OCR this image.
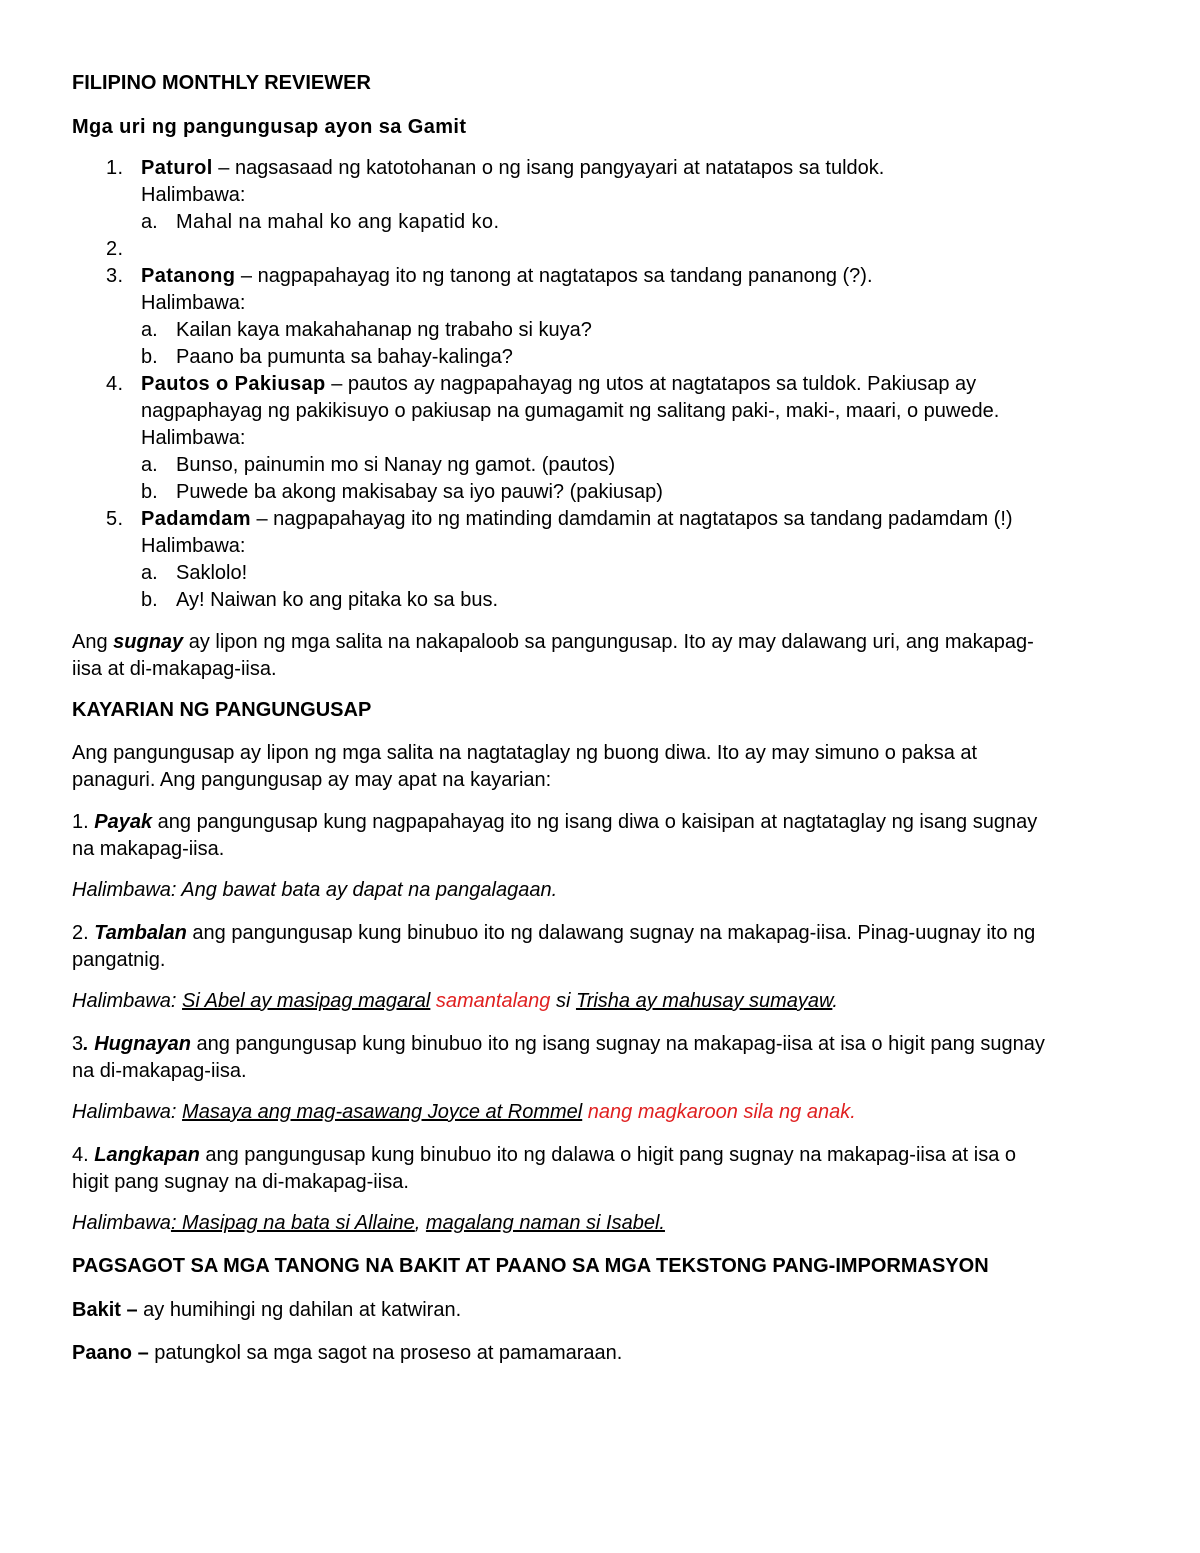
FILIPINO MONTHLY REVIEWER
Mga uri ng pangungusap ayon sa Gamit
1. Paturol – nagsasaad ng katotohanan o ng isang pangyayari at natatapos sa tuldok.
Halimbawa:
a. Mahal na mahal ko ang kapatid ko.
2.
3. Patanong – nagpapahayag ito ng tanong at nagtatapos sa tandang pananong (?).
Halimbawa:
a. Kailan kaya makahahanap ng trabaho si kuya?
b. Paano ba pumunta sa bahay-kalinga?
4. Pautos o Pakiusap – pautos ay nagpapahayag ng utos at nagtatapos sa tuldok. Pakiusap ay
nagpaphayag ng pakikisuyo o pakiusap na gumagamit ng salitang paki-, maki-, maari, o puwede.
Halimbawa:
a. Bunso, painumin mo si Nanay ng gamot. (pautos)
b. Puwede ba akong makisabay sa iyo pauwi? (pakiusap)
5. Padamdam – nagpapahayag ito ng matinding damdamin at nagtatapos sa tandang padamdam (!)
Halimbawa:
a. Saklolo!
b. Ay! Naiwan ko ang pitaka ko sa bus.
Ang sugnay ay lipon ng mga salita na nakapaloob sa pangungusap. Ito ay may dalawang uri, ang makapag-
iisa at di-makapag-iisa.
KAYARIAN NG PANGUNGUSAP
Ang pangungusap ay lipon ng mga salita na nagtataglay ng buong diwa. Ito ay may simuno o paksa at
panaguri. Ang pangungusap ay may apat na kayarian:
1. Payak ang pangungusap kung nagpapahayag ito ng isang diwa o kaisipan at nagtataglay ng isang sugnay
na makapag-iisa.
Halimbawa: Ang bawat bata ay dapat na pangalagaan.
2. Tambalan ang pangungusap kung binubuo ito ng dalawang sugnay na makapag-iisa. Pinag-uugnay ito ng
pangatnig.
Halimbawa: Si Abel ay masipag magaral samantalang si Trisha ay mahusay sumayaw.
3. Hugnayan ang pangungusap kung binubuo ito ng isang sugnay na makapag-iisa at isa o higit pang sugnay
na di-makapag-iisa.
Halimbawa: Masaya ang mag-asawang Joyce at Rommel nang magkaroon sila ng anak.
4. Langkapan ang pangungusap kung binubuo ito ng dalawa o higit pang sugnay na makapag-iisa at isa o
higit pang sugnay na di-makapag-iisa.
Halimbawa: Masipag na bata si Allaine, magalang naman si Isabel.
PAGSAGOT SA MGA TANONG NA BAKIT AT PAANO SA MGA TEKSTONG PANG-IMPORMASYON
Bakit – ay humihingi ng dahilan at katwiran.
Paano – patungkol sa mga sagot na proseso at pamamaraan.
